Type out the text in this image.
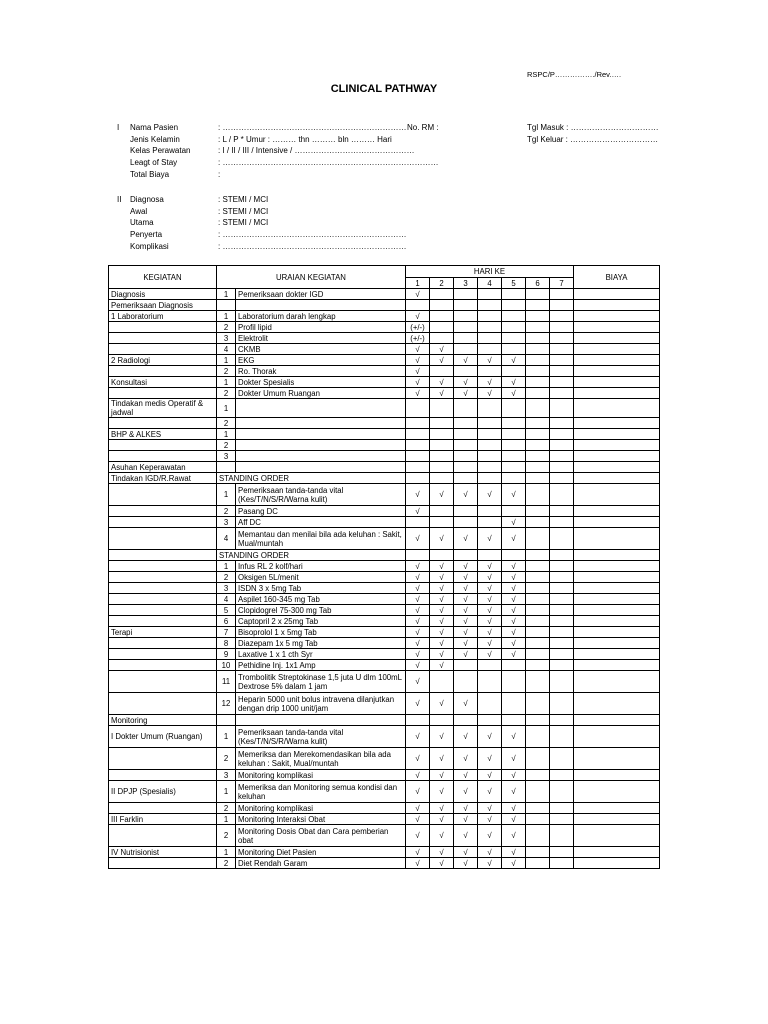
RSPC/P……………./Rev.….
CLINICAL PATHWAY
No. RM :	Tgl Masuk : ……………………………
Tgl Keluar : ……………………………
KEGIATAN	URAIAN KEGIATAN		HARI KE							BIAYA
			1	2	3	4	5	6	7	
Diagnosis	1	Pemeriksaan dokter IGD	√							
Pemeriksaan Diagnosis										
1 Laboratorium	1	Laboratorium darah lengkap	√							
	2	Profil lipid	(+/-)							
	3	Elektrolit	(+/-)							
	4	CKMB	√	√						
2 Radiologi	1	EKG	√	√	√	√	√			
	2	Ro. Thorak	√							
Konsultasi	1	Dokter Spesialis	√	√	√	√	√			
	2	Dokter Umum Ruangan	√	√	√	√	√			
Tindakan medis Operatif & jadwal	1									
	2									
BHP & ALKES	1									
	2									
	3									
Asuhan Keperawatan										
Tindakan IGD/R.Rawat	STANDING ORDER									
	1	Pemeriksaan tanda-tanda vital (Kes/T/N/S/R/Warna kulit)	√	√	√	√	√			
	2	Pasang DC	√							
	3	Aff DC					√			
	4	Memantau dan menilai bila ada keluhan : Sakit, Mual/muntah	√	√	√	√	√			
	STANDING ORDER									
	1	Infus RL 2 kolf/hari	√	√	√	√	√			
	2	Oksigen 5L/menit	√	√	√	√	√			
	3	ISDN 3 x 5mg Tab	√	√	√	√	√			
	4	Aspilet 160-345 mg Tab	√	√	√	√	√			
	5	Clopidogrel 75-300 mg Tab	√	√	√	√	√			
	6	Captopril 2 x 25mg Tab	√	√	√	√	√			
Terapi	7	Bisoprolol 1 x 5mg Tab	√	√	√	√	√			
	8	Diazepam 1x 5 mg Tab	√	√	√	√	√			
	9	Laxative 1 x 1 cth Syr	√	√	√	√	√			
	10	Pethidine Inj. 1x1 Amp	√	√						
	11	Trombolitik Streptokinase 1,5 juta U dlm 100mL Dextrose 5% dalam 1 jam	√							
	12	Heparin 5000 unit bolus intravena dilanjutkan dengan drip 1000 unit/jam	√	√	√					
Monitoring										
I Dokter Umum (Ruangan)	1	Pemeriksaan tanda-tanda vital (Kes/T/N/S/R/Warna kulit)	√	√	√	√	√			
	2	Memeriksa dan Merekomendasikan bila ada keluhan : Sakit, Mual/muntah	√	√	√	√	√			
	3	Monitoring komplikasi	√	√	√	√	√			
II DPJP (Spesialis)	1	Memeriksa dan Monitoring semua kondisi dan keluhan	√	√	√	√	√			
	2	Monitoring komplikasi	√	√	√	√	√			
III Farklin	1	Monitoring Interaksi Obat	√	√	√	√	√			
	2	Monitoring Dosis Obat dan Cara pemberian obat	√	√	√	√	√			
IV Nutrisionist	1	Monitoring Diet Pasien	√	√	√	√	√			
	2	Diet Rendah Garam	√	√	√	√	√			
I Nama Pasien	: ……………………………………………………………
Jenis Kelamin	: L / P * Umur : ……… thn ……… bln ……… Hari
Kelas Perawatan	: I / II / III / Intensive / ………………………………………
Leagt of Stay	: ………………………………………………………………………
Total Biaya	:
II Diagnosa	: STEMI / MCI
Awal	: STEMI / MCI
Utama	: STEMI / MCI
Penyerta	: ……………………………………………………………
Komplikasi	: ……………………………………………………………
